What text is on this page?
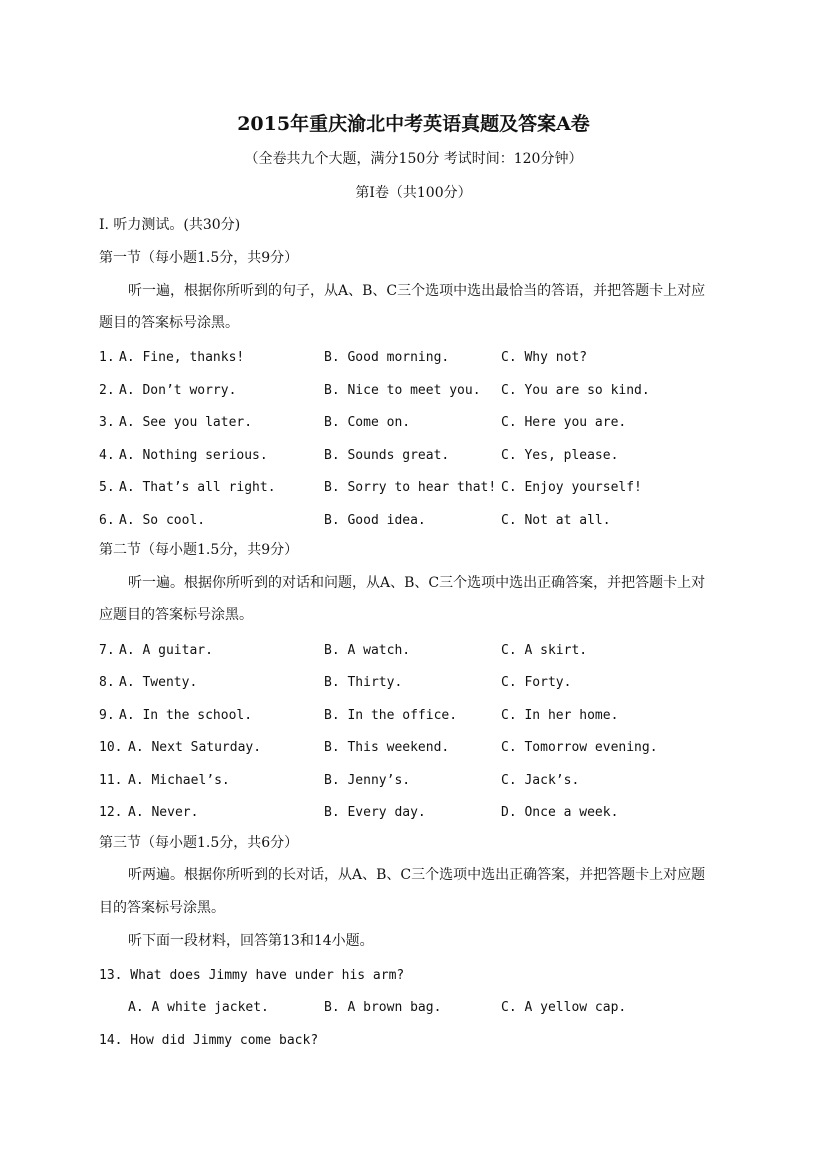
2015年重庆渝北中考英语真题及答案A卷
（全卷共九个大题，满分150分 考试时间：120分钟）
第Ⅰ卷（共100分）
I. 听力测试。(共30分)
第一节（每小题1.5分，共9分）
听一遍，根据你所听到的句子，从A、B、C三个选项中选出最恰当的答语，并把答题卡上对应
题目的答案标号涂黑。
1. A. Fine, thanks!	B. Good morning.	C. Why not?
2. A. Don’t worry.	B. Nice to meet you. C. You are so kind.
3. A. See you later.	B. Come on.	C. Here you are.
4. A. Nothing serious.	B. Sounds great.	C. Yes, please.
5. A. That’s all right.	B. Sorry to hear that! C. Enjoy yourself!
6. A. So cool.	B. Good idea.	C. Not at all.
第二节（每小题1.5分，共9分）
听一遍。根据你所听到的对话和问题，从A、B、C三个选项中选出正确答案，并把答题卡上对
应题目的答案标号涂黑。
7. A. A guitar.	B. A watch.	C. A skirt.
8. A. Twenty.	B. Thirty.	C. Forty.
9. A. In the school.	B. In the office.	C. In her home.
10. A. Next Saturday.	B. This weekend.	C. Tomorrow evening.
11. A. Michael’s.	B. Jenny’s.	C. Jack’s.
12. A. Never.	B. Every day.	D. Once a week.
第三节（每小题1.5分，共6分）
听两遍。根据你所听到的长对话，从A、B、C三个选项中选出正确答案，并把答题卡上对应题
目的答案标号涂黑。
听下面一段材料，回答第13和14小题。
13. What does Jimmy have under his arm?
A. A white jacket.	B. A brown bag.	C. A yellow cap.
14. How did Jimmy come back?
